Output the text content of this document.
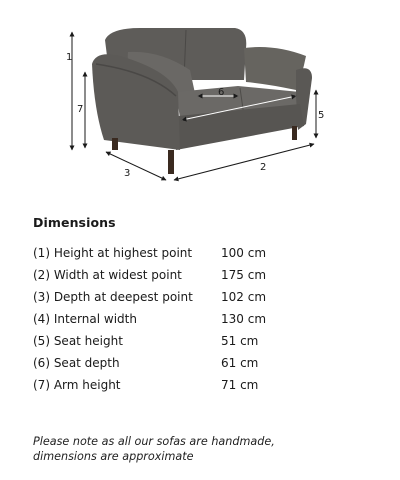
1
7
5
3
2
6
Dimensions
(1) Height at highest point 100 cm
(2) Width at widest point	175 cm
(3) Depth at deepest point 102 cm
(4) Internal width	130 cm
(5) Seat height	51 cm
(6) Seat depth	61 cm
(7) Arm height	71 cm
Please note as all our sofas are handmade,
dimensions are approximate
